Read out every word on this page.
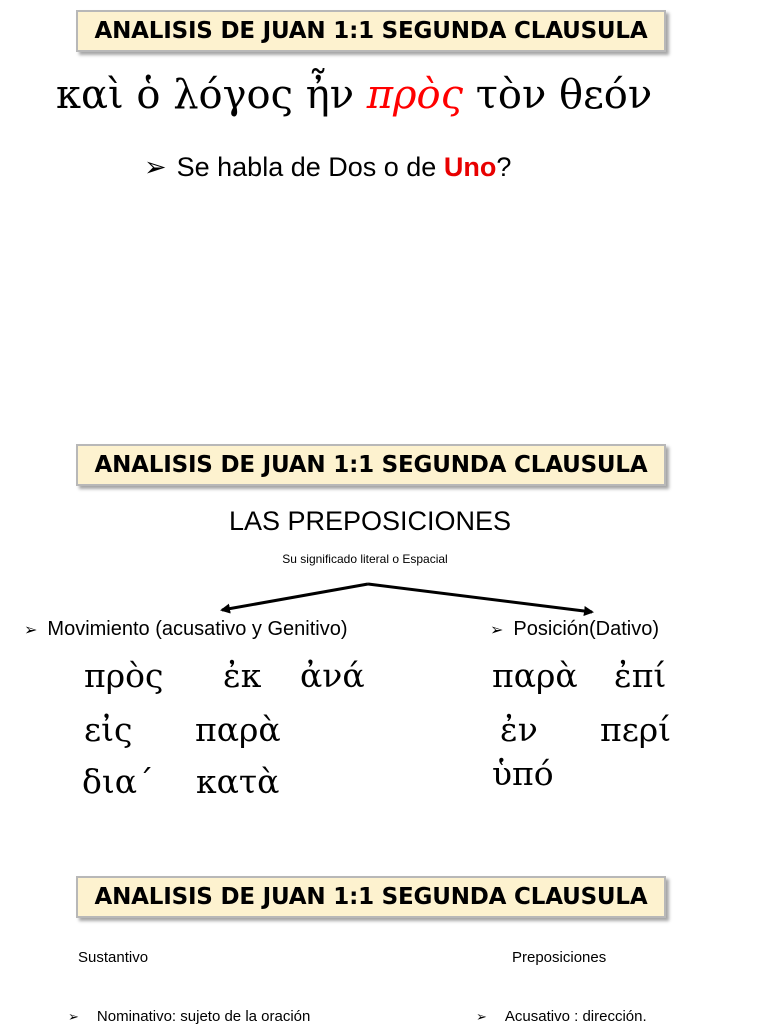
ANALISIS DE JUAN 1:1 SEGUNDA CLAUSULA
καὶ ὁ λόγος ἦν πρὸς τὸν θεόν
➢ Se habla de Dos o de Uno?
ANALISIS DE JUAN 1:1 SEGUNDA CLAUSULA
LAS PREPOSICIONES
Su significado literal o Espacial
➢ Movimiento (acusativo y Genitivo)	➢ Posición(Dativo)
πρὸς ἐκ ἀνά
εἰς παρὰ
δια΄ κατὰ
παρὰ ἐπί
ἐν περί
ὑπό
ANALISIS DE JUAN 1:1 SEGUNDA CLAUSULA
Sustantivo	Preposiciones
➢ Nominativo: sujeto de la oración	➢ Acusativo : dirección.
